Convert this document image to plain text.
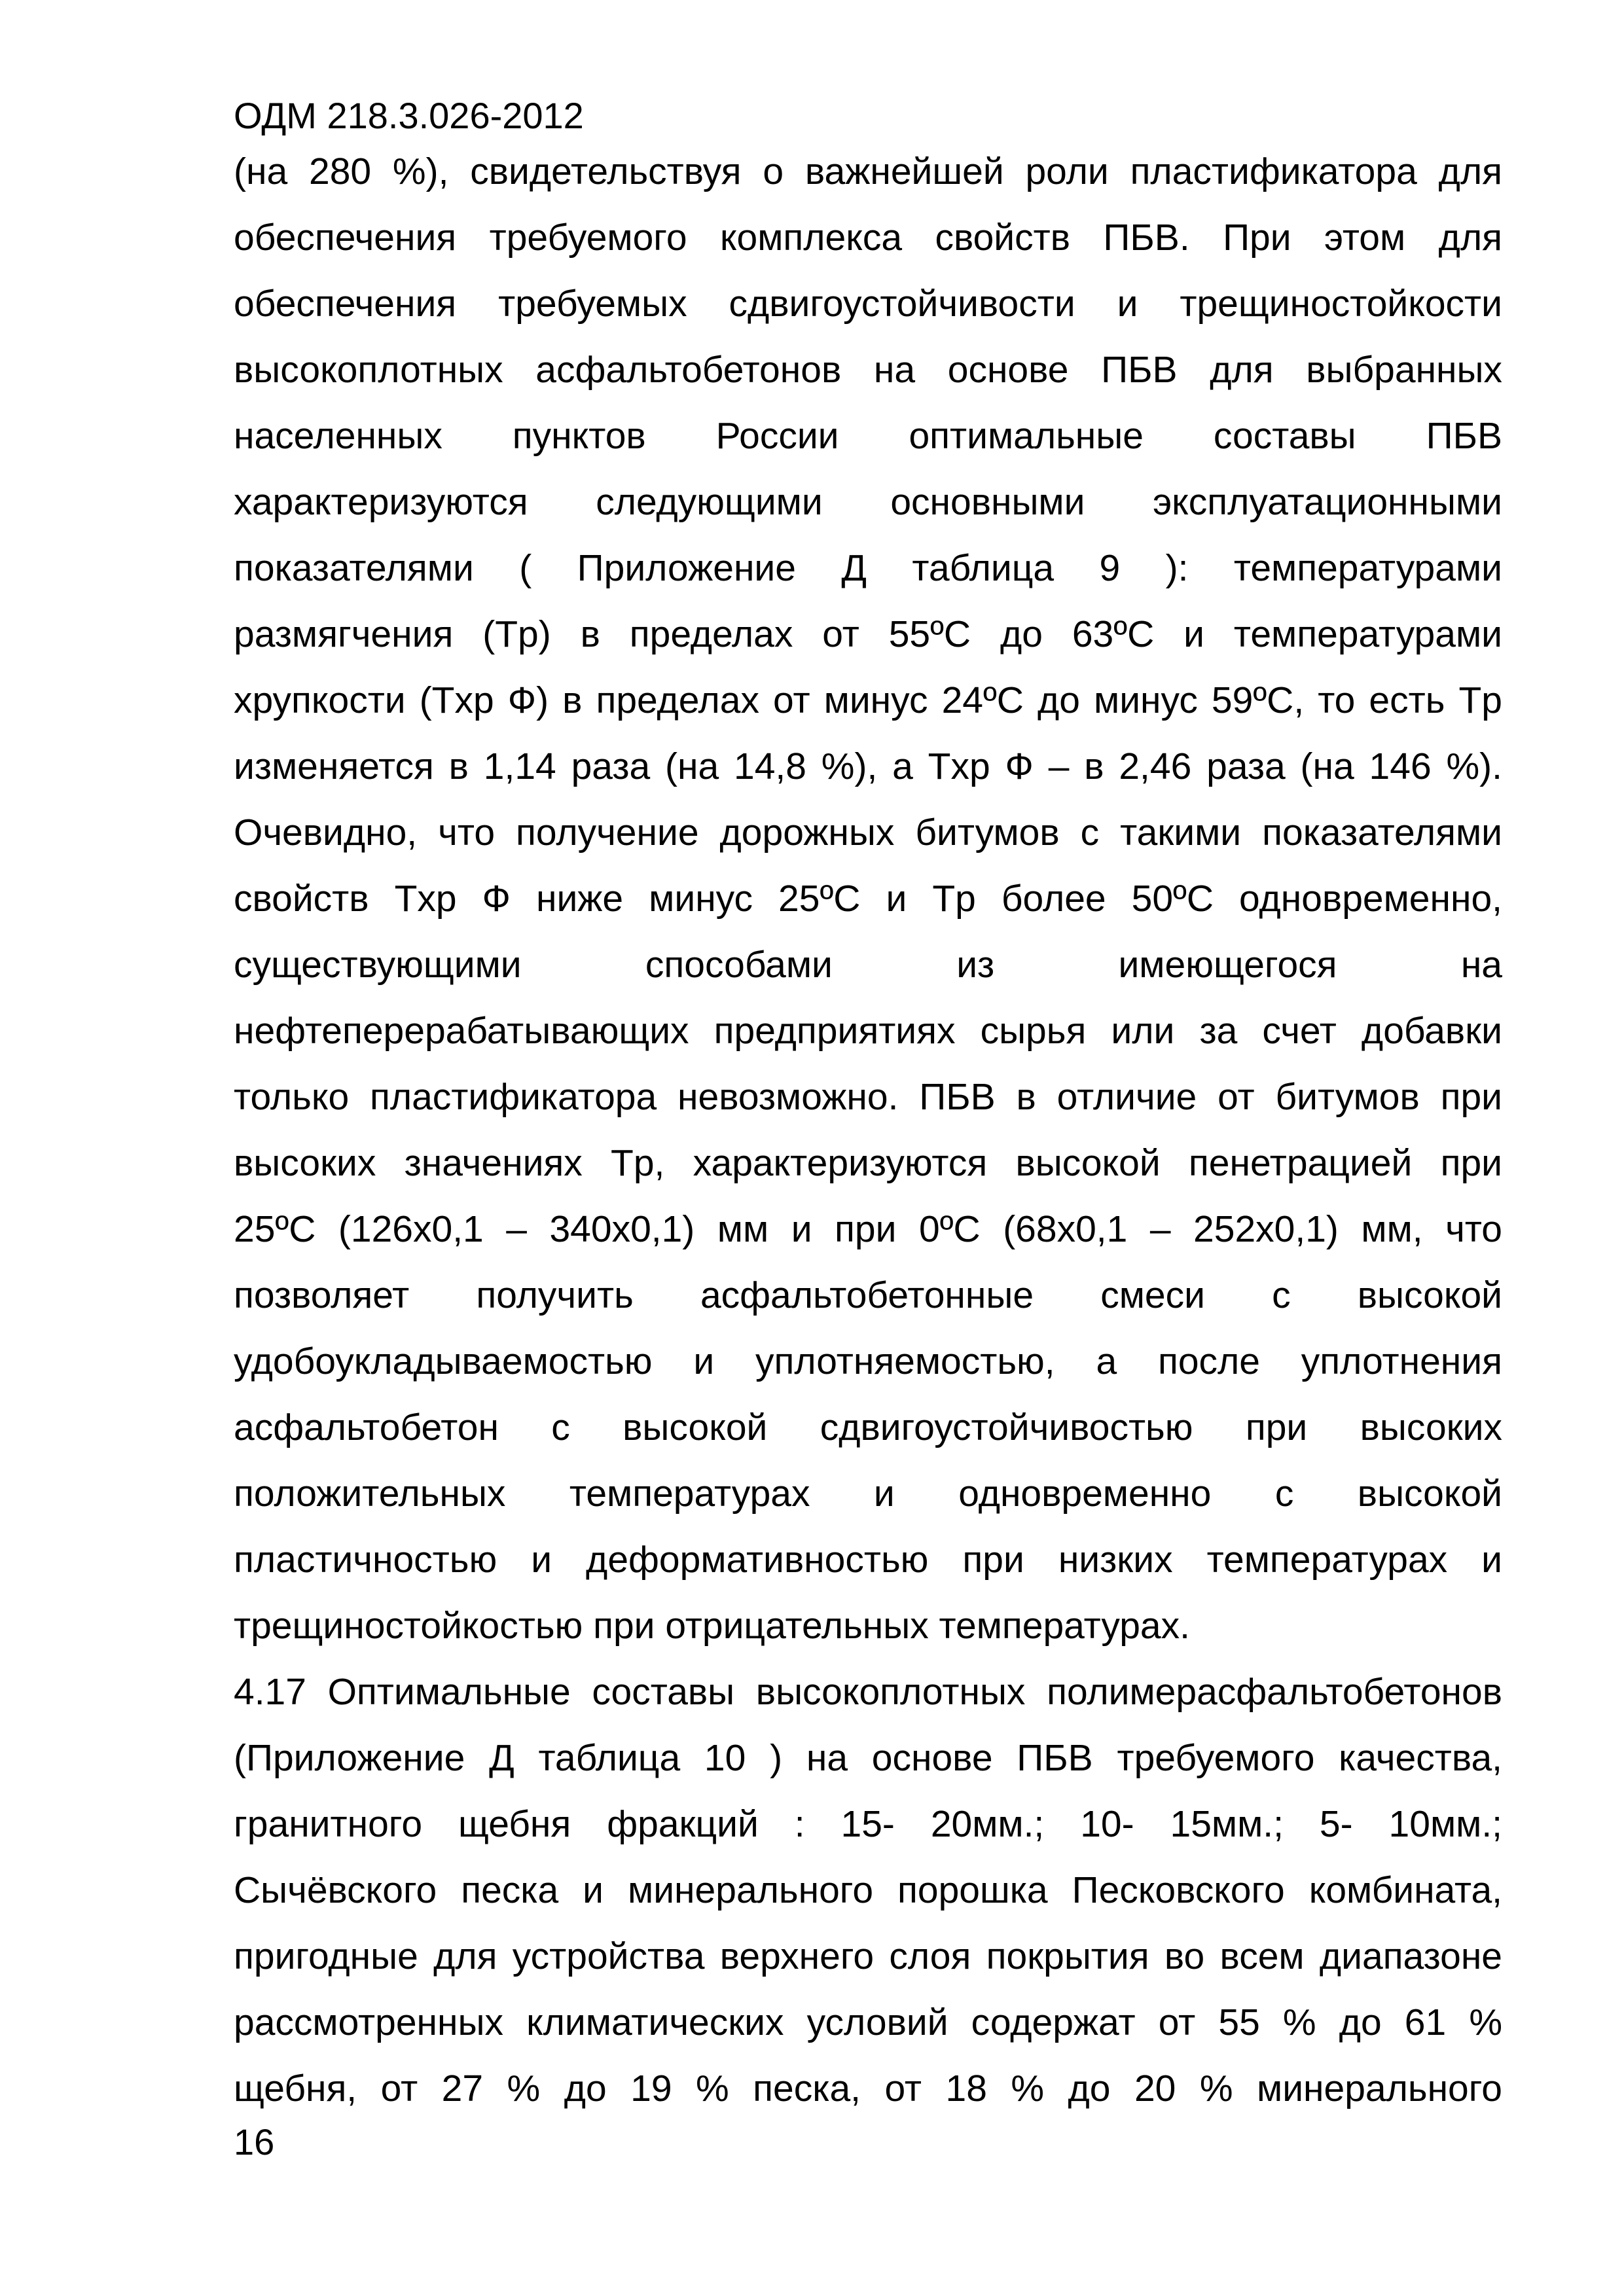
ОДМ 218.3.026-2012
(на 280 %), свидетельствуя о важнейшей роли пластификатора для
обеспечения требуемого комплекса свойств ПБВ. При этом для
обеспечения требуемых сдвигоустойчивости и трещиностойкости
высокоплотных асфальтобетонов на основе ПБВ для выбранных
населенных пунктов России оптимальные составы ПБВ
характеризуются следующими основными эксплуатационными
показателями ( Приложение Д таблица 9 ): температурами
размягчения (Tр) в пределах от 55ºС до 63ºС и температурами
хрупкости (Tхр Ф) в пределах от минус 24ºС до минус 59ºС, то есть Tр
изменяется в 1,14 раза (на 14,8 %), а Tхр Ф – в 2,46 раза (на 146 %).
Очевидно, что получение дорожных битумов с такими показателями
свойств Tхр Ф ниже минус 25ºС и Tр более 50ºС одновременно,
существующими способами из имеющегося на
нефтеперерабатывающих предприятиях сырья или за счет добавки
только пластификатора невозможно. ПБВ в отличие от битумов при
высоких значениях Tр, характеризуются высокой пенетрацией при
25ºС (126х0,1 – 340х0,1) мм и при 0ºС (68х0,1 – 252х0,1) мм, что
позволяет получить асфальтобетонные смеси с высокой
удобоукладываемостью и уплотняемостью, а после уплотнения
асфальтобетон с высокой сдвигоустойчивостью при высоких
положительных температурах и одновременно с высокой
пластичностью и деформативностью при низких температурах и
трещиностойкостью при отрицательных температурах.
4.17 Оптимальные составы высокоплотных полимерасфальтобетонов
(Приложение Д таблица 10 ) на основе ПБВ требуемого качества,
гранитного щебня фракций : 15- 20мм.; 10- 15мм.; 5- 10мм.;
Сычёвского песка и минерального порошка Песковского комбината,
пригодные для устройства верхнего слоя покрытия во всем диапазоне
рассмотренных климатических условий содержат от 55 % до 61 %
щебня, от 27 % до 19 % песка, от 18 % до 20 % минерального
16
